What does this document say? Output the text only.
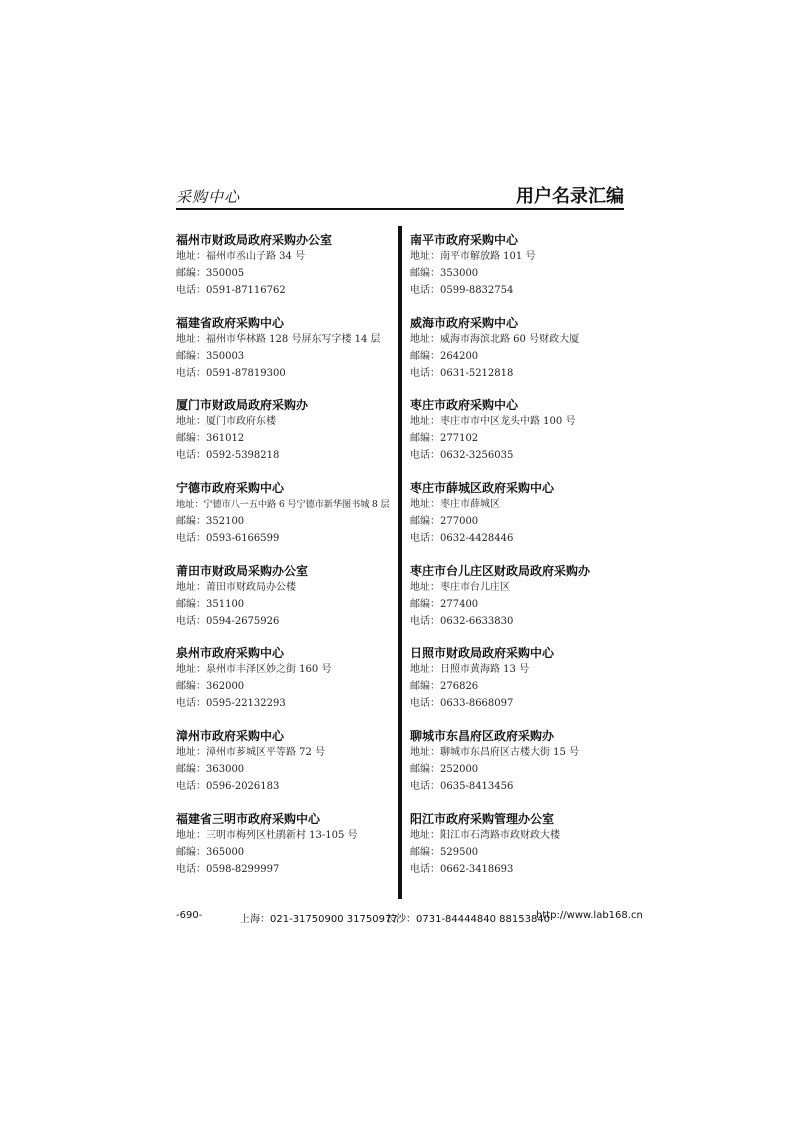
采购中心	用户名录汇编

福州市财政局政府采购办公室

地址：福州市丞山子路 34 号

邮编：350005

电话：0591-87116762

福建省政府采购中心

地址：福州市华林路 128 号屏东写字楼 14 层

邮编：350003

电话：0591-87819300

厦门市财政局政府采购办

地址：厦门市政府东楼

邮编：361012

电话：0592-5398218

宁德市政府采购中心

地址：宁德市八一五中路 6 号宁德市新华图书城 8 层

邮编：352100

电话：0593-6166599

莆田市财政局采购办公室

地址：莆田市财政局办公楼

邮编：351100

电话：0594-2675926

泉州市政府采购中心

地址：泉州市丰泽区妙之街 160 号

邮编：362000

电话：0595-22132293

漳州市政府采购中心

地址：漳州市芗城区平等路 72 号

邮编：363000

电话：0596-2026183

福建省三明市政府采购中心

地址：三明市梅列区杜鹃新村 13-105 号

邮编：365000

电话：0598-8299997

南平市政府采购中心

地址：南平市解放路 101 号

邮编：353000

电话：0599-8832754

威海市政府采购中心

地址：威海市海滨北路 60 号财政大厦

邮编：264200

电话：0631-5212818

枣庄市政府采购中心

地址：枣庄市市中区龙头中路 100 号

邮编：277102

电话：0632-3256035

枣庄市薛城区政府采购中心

地址：枣庄市薛城区

邮编：277000

电话：0632-4428446

枣庄市台儿庄区财政局政府采购办

地址：枣庄市台儿庄区

邮编：277400

电话：0632-6633830

日照市财政局政府采购中心

地址：日照市黄海路 13 号

邮编：276826

电话：0633-8668097

聊城市东昌府区政府采购办

地址：聊城市东昌府区古楼大街 15 号

邮编：252000

电话：0635-8413456

阳江市政府采购管理办公室

地址：阳江市石湾路市政财政大楼

邮编：529500

电话：0662-3418693

-690-	上海：021-31750900 31750977
长沙：0731-84444840 88153840
http://www.lab168.cn
